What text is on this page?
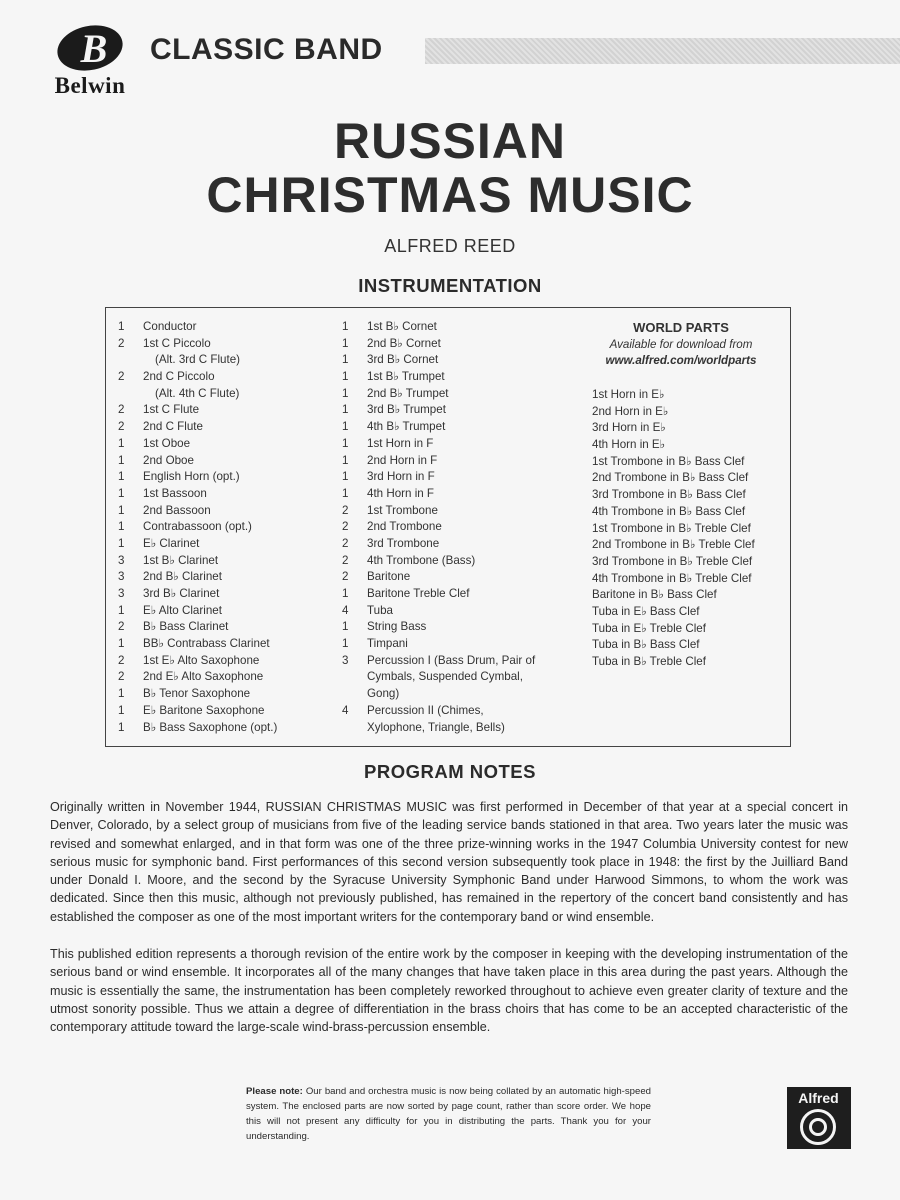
B
Belwin
CLASSIC BAND
RUSSIAN
CHRISTMAS MUSIC
ALFRED REED
INSTRUMENTATION
1	Conductor
2	1st C Piccolo
(Alt. 3rd C Flute)
2	2nd C Piccolo
(Alt. 4th C Flute)
2	1st C Flute
2	2nd C Flute
1	1st Oboe
1	2nd Oboe
1	English Horn (opt.)
1	1st Bassoon
1	2nd Bassoon
1	Contrabassoon (opt.)
1	E♭ Clarinet
3	1st B♭ Clarinet
3	2nd B♭ Clarinet
3	3rd B♭ Clarinet
1	E♭ Alto Clarinet
2	B♭ Bass Clarinet
1	BB♭ Contrabass Clarinet
2	1st E♭ Alto Saxophone
2	2nd E♭ Alto Saxophone
1	B♭ Tenor Saxophone
1	E♭ Baritone Saxophone
1	B♭ Bass Saxophone (opt.)
1	1st B♭ Cornet
1	2nd B♭ Cornet
1	3rd B♭ Cornet
1	1st B♭ Trumpet
1	2nd B♭ Trumpet
1	3rd B♭ Trumpet
1	4th B♭ Trumpet
1	1st Horn in F
1	2nd Horn in F
1	3rd Horn in F
1	4th Horn in F
2	1st Trombone
2	2nd Trombone
2	3rd Trombone
2	4th Trombone (Bass)
2	Baritone
1	Baritone Treble Clef
4	Tuba
1	String Bass
1	Timpani
3	Percussion I (Bass Drum, Pair of
Cymbals, Suspended Cymbal,
Gong)
4	Percussion II (Chimes,
Xylophone, Triangle, Bells)
WORLD PARTS
Available for download from
www.alfred.com/worldparts
1st Horn in E♭
2nd Horn in E♭
3rd Horn in E♭
4th Horn in E♭
1st Trombone in B♭ Bass Clef
2nd Trombone in B♭ Bass Clef
3rd Trombone in B♭ Bass Clef
4th Trombone in B♭ Bass Clef
1st Trombone in B♭ Treble Clef
2nd Trombone in B♭ Treble Clef
3rd Trombone in B♭ Treble Clef
4th Trombone in B♭ Treble Clef
Baritone in B♭ Bass Clef
Tuba in E♭ Bass Clef
Tuba in E♭ Treble Clef
Tuba in B♭ Bass Clef
Tuba in B♭ Treble Clef
PROGRAM NOTES

Originally written in November 1944, RUSSIAN CHRISTMAS MUSIC was first performed in December of that year at a special concert in Denver, Colorado, by a select group of musicians from five of the leading service bands stationed in that area. Two years later the music was revised and somewhat enlarged, and in that form was one of the three prize-winning works in the 1947 Columbia University contest for new serious music for symphonic band. First performances of this second version subsequently took place in 1948: the first by the Juilliard Band under Donald I. Moore, and the second by the Syracuse University Symphonic Band under Harwood Simmons, to whom the work was dedicated. Since then this music, although not previously published, has remained in the repertory of the concert band consistently and has established the composer as one of the most important writers for the contemporary band or wind ensemble.

This published edition represents a thorough revision of the entire work by the composer in keeping with the developing instrumentation of the serious band or wind ensemble. It incorporates all of the many changes that have taken place in this area during the past years. Although the music is essentially the same, the instrumentation has been completely reworked throughout to achieve even greater clarity of texture and the utmost sonority possible. Thus we attain a degree of differentiation in the brass choirs that has come to be an accepted characteristic of the contemporary attitude toward the large-scale wind-brass-percussion ensemble.

Please note: Our band and orchestra music is now being collated by an automatic high-speed system. The enclosed parts are now sorted by page count, rather than score order. We hope this will not present any difficulty for you in distributing the parts. Thank you for your understanding.
Alfred
